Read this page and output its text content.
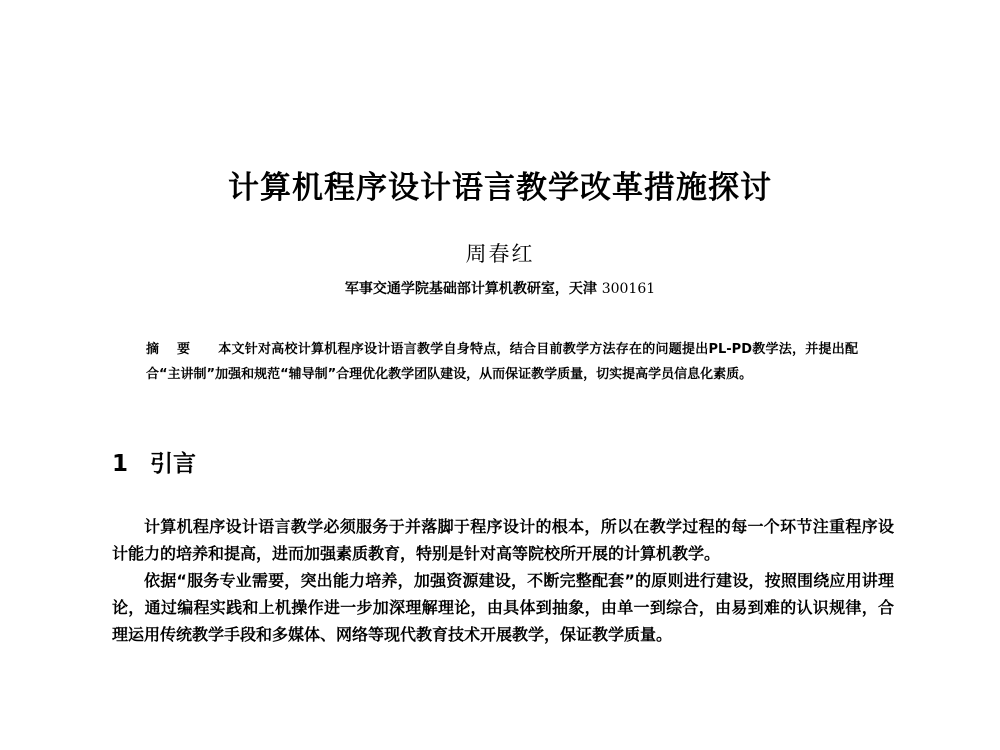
计算机程序设计语言教学改革措施探讨
周春红
军事交通学院基础部计算机教研室，天津 300161
摘要 本文针对高校计算机程序设计语言教学自身特点，结合目前教学方法存在的问题提出PL-PD教学法，并提出配合“主讲制”加强和规范“辅导制”合理优化教学团队建设，从而保证教学质量，切实提高学员信息化素质。
1 引言

计算机程序设计语言教学必须服务于并落脚于程序设计的根本，所以在教学过程的每一个环节注重程序设计能力的培养和提高，进而加强素质教育，特别是针对高等院校所开展的计算机教学。

依据“服务专业需要，突出能力培养，加强资源建设，不断完整配套”的原则进行建设，按照围绕应用讲理论，通过编程实践和上机操作进一步加深理解理论，由具体到抽象，由单一到综合，由易到难的认识规律，合理运用传统教学手段和多媒体、网络等现代教育技术开展教学，保证教学质量。
